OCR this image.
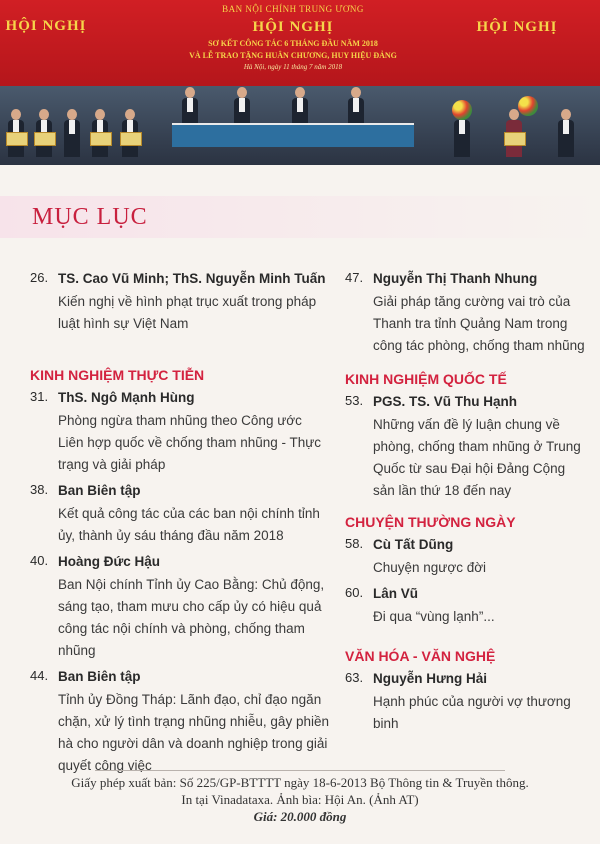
HỘI NGHỊ
BAN NỘI CHÍNH TRUNG ƯƠNG
HỘI NGHỊ
SƠ KẾT CÔNG TÁC 6 THÁNG ĐẦU NĂM 2018
VÀ LỄ TRAO TẶNG HUÂN CHƯƠNG, HUY HIỆU ĐẢNG
Hà Nội, ngày 11 tháng 7 năm 2018
HỘI NGHỊ
MỤC LỤC
26. TS. Cao Vũ Minh; ThS. Nguyễn Minh Tuấn
Kiến nghị về hình phạt trục xuất trong pháp luật hình sự Việt Nam
KINH NGHIỆM THỰC TIỄN
31. ThS. Ngô Mạnh Hùng
Phòng ngừa tham nhũng theo Công ước Liên hợp quốc về chống tham nhũng - Thực trạng và giải pháp
38. Ban Biên tập
Kết quả công tác của các ban nội chính tỉnh ủy, thành ủy sáu tháng đầu năm 2018
40. Hoàng Đức Hậu
Ban Nội chính Tỉnh ủy Cao Bằng: Chủ động, sáng tạo, tham mưu cho cấp ủy có hiệu quả công tác nội chính và phòng, chống tham nhũng
44. Ban Biên tập
Tỉnh ủy Đồng Tháp: Lãnh đạo, chỉ đạo ngăn chặn, xử lý tình trạng nhũng nhiễu, gây phiền hà cho người dân và doanh nghiệp trong giải quyết công việc
47. Nguyễn Thị Thanh Nhung
Giải pháp tăng cường vai trò của Thanh tra tỉnh Quảng Nam trong công tác phòng, chống tham nhũng
KINH NGHIỆM QUỐC TẾ
53. PGS. TS. Vũ Thu Hạnh
Những vấn đề lý luận chung về phòng, chống tham nhũng ở Trung Quốc từ sau Đại hội Đảng Cộng sản lần thứ 18 đến nay
CHUYỆN THƯỜNG NGÀY
58. Cù Tất Dũng
Chuyện ngược đời
60. Lân Vũ
Đi qua “vùng lạnh”...
VĂN HÓA - VĂN NGHỆ
63. Nguyễn Hưng Hải
Hạnh phúc của người vợ thương binh
Giấy phép xuất bản: Số 225/GP-BTTTT ngày 18-6-2013 Bộ Thông tin & Truyền thông.
In tại Vinadataxa. Ảnh bìa: Hội An. (Ảnh AT)
Giá: 20.000 đồng
